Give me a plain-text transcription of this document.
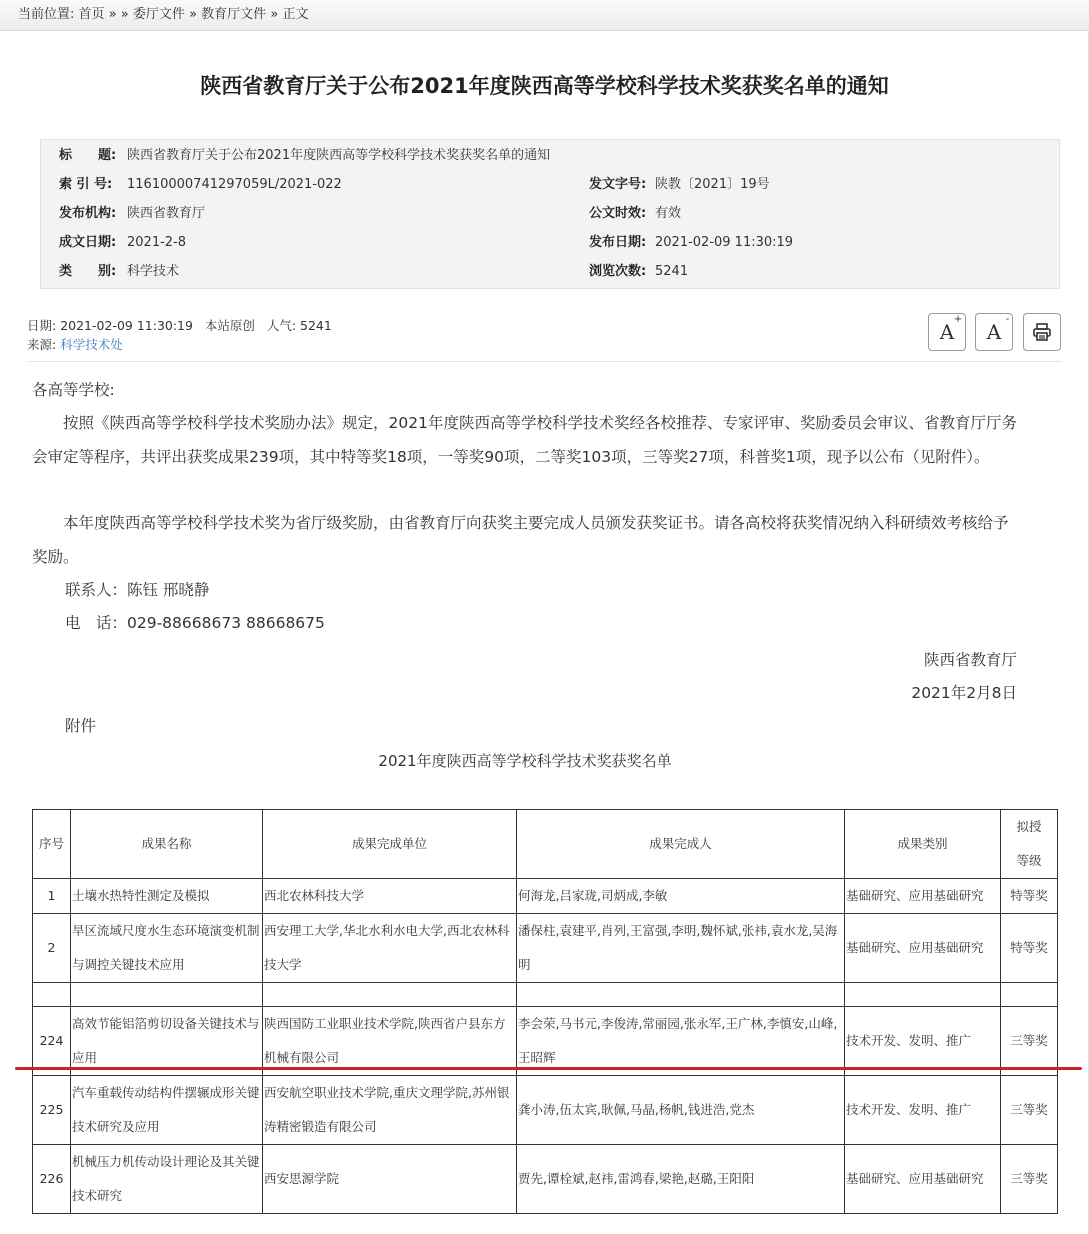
当前位置: 首页 » » 委厅文件 » 教育厅文件 » 正文
陕西省教育厅关于公布2021年度陕西高等学校科学技术奖获奖名单的通知
标　　题: 陕西省教育厅关于公布2021年度陕西高等学校科学技术奖获奖名单的通知
索 引 号: 11610000741297059L/2021-022	发文字号: 陕教〔2021〕19号
发布机构: 陕西省教育厅	公文时效: 有效
成文日期: 2021-2-8	发布日期: 2021-02-09 11:30:19
类　　别: 科学技术	浏览次数: 5241
日期: 2021-02-09 11:30:19 本站原创 人气: 5241
来源: 科学技术处
A
+
A
-

各高等学校:

按照《陕西高等学校科学技术奖励办法》规定，2021年度陕西高等学校科学技术奖经各校推荐、专家评审、奖励委员会审议、省教育厅厅务会审定等程序，共评出获奖成果239项，其中特等奖18项，一等奖90项，二等奖103项，三等奖27项，科普奖1项，现予以公布（见附件）。

本年度陕西高等学校科学技术奖为省厅级奖励，由省教育厅向获奖主要完成人员颁发获奖证书。请各高校将获奖情况纳入科研绩效考核给予奖励。

联系人：陈钰 邢晓静

电　话：029-88668673 88668675

陕西省教育厅
2021年2月8日
附件
2021年度陕西高等学校科学技术奖获奖名单
序号	成果名称	成果完成单位	成果完成人	成果类别	拟授
等级

1	土壤水热特性测定及模拟	西北农林科技大学	何海龙,吕家珑,司炳成,李敏	基础研究、应用基础研究	特等奖
2	旱区流域尺度水生态环境演变机制与调控关键技术应用	西安理工大学,华北水利水电大学,西北农林科技大学	潘保柱,袁建平,肖列,王富强,李明,魏怀斌,张祎,袁水龙,吴海明	基础研究、应用基础研究	特等奖

224	高效节能铝箔剪切设备关键技术与应用	陕西国防工业职业技术学院,陕西省户县东方机械有限公司	李会荣,马书元,李俊涛,常丽园,张永军,王广林,李慎安,山峰,王昭辉	技术开发、发明、推广	三等奖
225	汽车重载传动结构件摆辗成形关键技术研究及应用	西安航空职业技术学院,重庆文理学院,苏州银涛精密锻造有限公司	龚小涛,伍太宾,耿佩,马晶,杨帆,钱进浩,党杰	技术开发、发明、推广	三等奖
226	机械压力机传动设计理论及其关键技术研究	西安思源学院	贾先,谭栓斌,赵祎,雷鸿春,梁艳,赵璐,王阳阳	基础研究、应用基础研究	三等奖
